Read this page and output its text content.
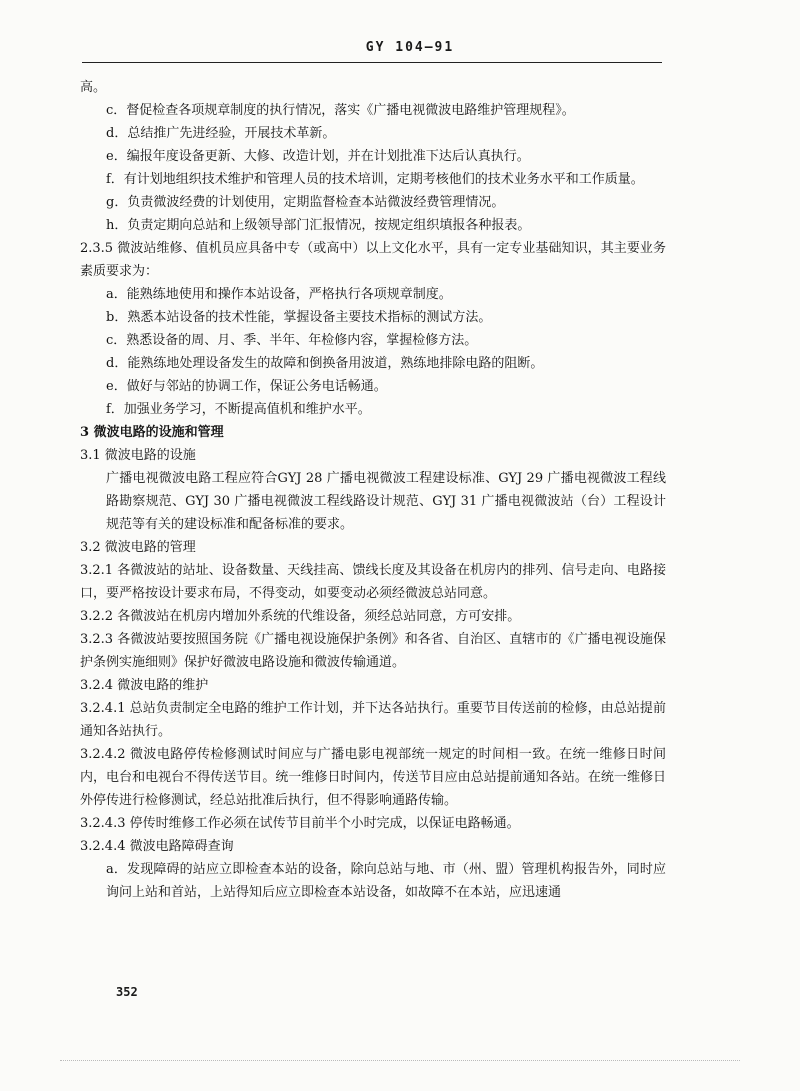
GY 104—91
高。
c．督促检查各项规章制度的执行情况，落实《广播电视微波电路维护管理规程》。
d．总结推广先进经验，开展技术革新。
e．编报年度设备更新、大修、改造计划，并在计划批准下达后认真执行。
f．有计划地组织技术维护和管理人员的技术培训，定期考核他们的技术业务水平和工作质量。
g．负责微波经费的计划使用，定期监督检查本站微波经费管理情况。
h．负责定期向总站和上级领导部门汇报情况，按规定组织填报各种报表。
2.3.5 微波站维修、值机员应具备中专（或高中）以上文化水平，具有一定专业基础知识，其主要业务素质要求为：
a．能熟练地使用和操作本站设备，严格执行各项规章制度。
b．熟悉本站设备的技术性能，掌握设备主要技术指标的测试方法。
c．熟悉设备的周、月、季、半年、年检修内容，掌握检修方法。
d．能熟练地处理设备发生的故障和倒换备用波道，熟练地排除电路的阻断。
e．做好与邻站的协调工作，保证公务电话畅通。
f．加强业务学习，不断提高值机和维护水平。
3 微波电路的设施和管理
3.1 微波电路的设施
广播电视微波电路工程应符合GYJ 28 广播电视微波工程建设标准、GYJ 29 广播电视微波工程线路勘察规范、GYJ 30 广播电视微波工程线路设计规范、GYJ 31 广播电视微波站（台）工程设计规范等有关的建设标准和配备标准的要求。
3.2 微波电路的管理
3.2.1 各微波站的站址、设备数量、天线挂高、馈线长度及其设备在机房内的排列、信号走向、电路接口，要严格按设计要求布局，不得变动，如要变动必须经微波总站同意。
3.2.2 各微波站在机房内增加外系统的代维设备，须经总站同意，方可安排。
3.2.3 各微波站要按照国务院《广播电视设施保护条例》和各省、自治区、直辖市的《广播电视设施保护条例实施细则》保护好微波电路设施和微波传输通道。
3.2.4 微波电路的维护
3.2.4.1 总站负责制定全电路的维护工作计划，并下达各站执行。重要节目传送前的检修，由总站提前通知各站执行。
3.2.4.2 微波电路停传检修测试时间应与广播电影电视部统一规定的时间相一致。在统一维修日时间内，电台和电视台不得传送节目。统一维修日时间内，传送节目应由总站提前通知各站。在统一维修日外停传进行检修测试，经总站批准后执行，但不得影响通路传输。
3.2.4.3 停传时维修工作必须在试传节目前半个小时完成，以保证电路畅通。
3.2.4.4 微波电路障碍查询
a．发现障碍的站应立即检查本站的设备，除向总站与地、市（州、盟）管理机构报告外，同时应询问上站和首站，上站得知后应立即检查本站设备，如故障不在本站，应迅速通
352
